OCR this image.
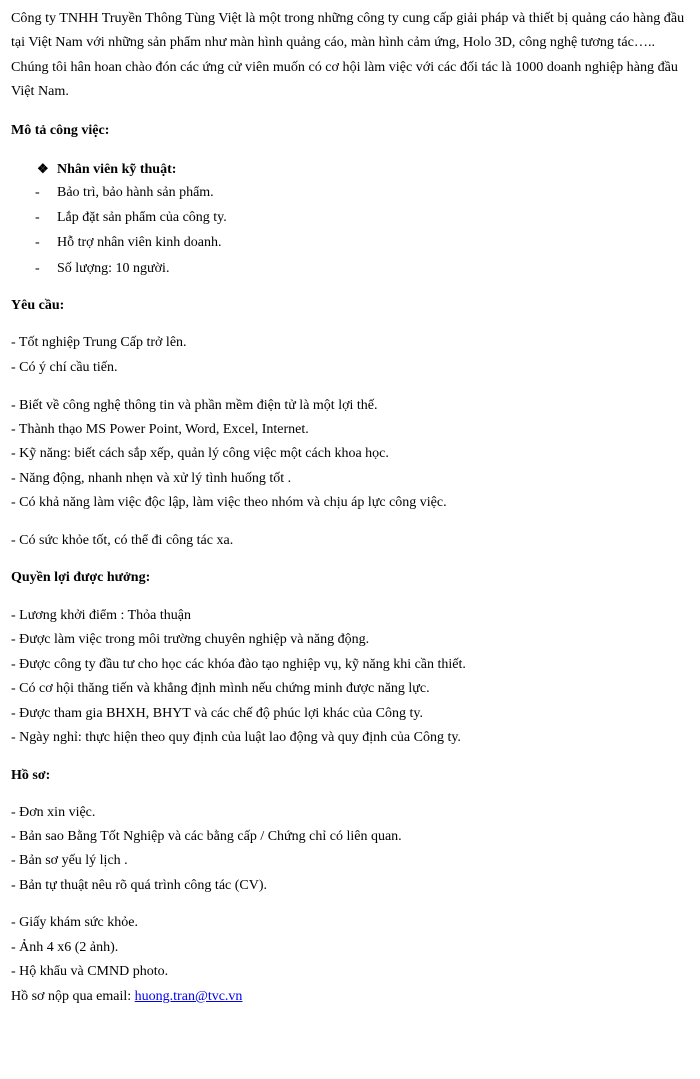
Công ty TNHH Truyền Thông Tùng Việt là một trong những công ty cung cấp giải pháp và thiết bị quảng cáo hàng đầu tại Việt Nam với những sản phẩm như màn hình quảng cáo, màn hình cảm ứng, Holo 3D, công nghệ tương tác….. Chúng tôi hân hoan chào đón các ứng cử viên muốn có cơ hội làm việc với các đối tác là 1000 doanh nghiệp hàng đầu Việt Nam.

Mô tả công việc:
❖ Nhân viên kỹ thuật:
- Bảo trì, bảo hành sản phẩm.
- Lắp đặt sản phẩm của công ty.
- Hỗ trợ nhân viên kinh doanh.
- Số lượng: 10 người.
Yêu cầu:
- Tốt nghiệp Trung Cấp trở lên.
- Có ý chí cầu tiến.
- Biết về công nghệ thông tin và phần mềm điện tử là một lợi thế.
- Thành thạo MS Power Point, Word, Excel, Internet.
- Kỹ năng: biết cách sắp xếp, quản lý công việc một cách khoa học.
- Năng động, nhanh nhẹn và xử lý tình huống tốt .
- Có khả năng làm việc độc lập, làm việc theo nhóm và chịu áp lực công việc.
- Có sức khỏe tốt, có thể đi công tác xa.
Quyền lợi được hưởng:
- Lương khởi điểm : Thỏa thuận
- Được làm việc trong môi trường chuyên nghiệp và năng động.
- Được công ty đầu tư cho học các khóa đào tạo nghiệp vụ, kỹ năng khi cần thiết.
- Có cơ hội thăng tiến và khẳng định mình nếu chứng minh được năng lực.
- Được tham gia BHXH, BHYT và các chế độ phúc lợi khác của Công ty.
- Ngày nghỉ: thực hiện theo quy định của luật lao động và quy định của Công ty.
Hồ sơ:
- Đơn xin việc.
- Bản sao Bằng Tốt Nghiệp và các bằng cấp / Chứng chỉ có liên quan.
- Bản sơ yếu lý lịch .
- Bản tự thuật nêu rõ quá trình công tác (CV).
- Giấy khám sức khỏe.
- Ảnh 4 x6 (2 ảnh).
- Hộ khẩu và CMND photo.
Hồ sơ nộp qua email: huong.tran@tvc.vn
